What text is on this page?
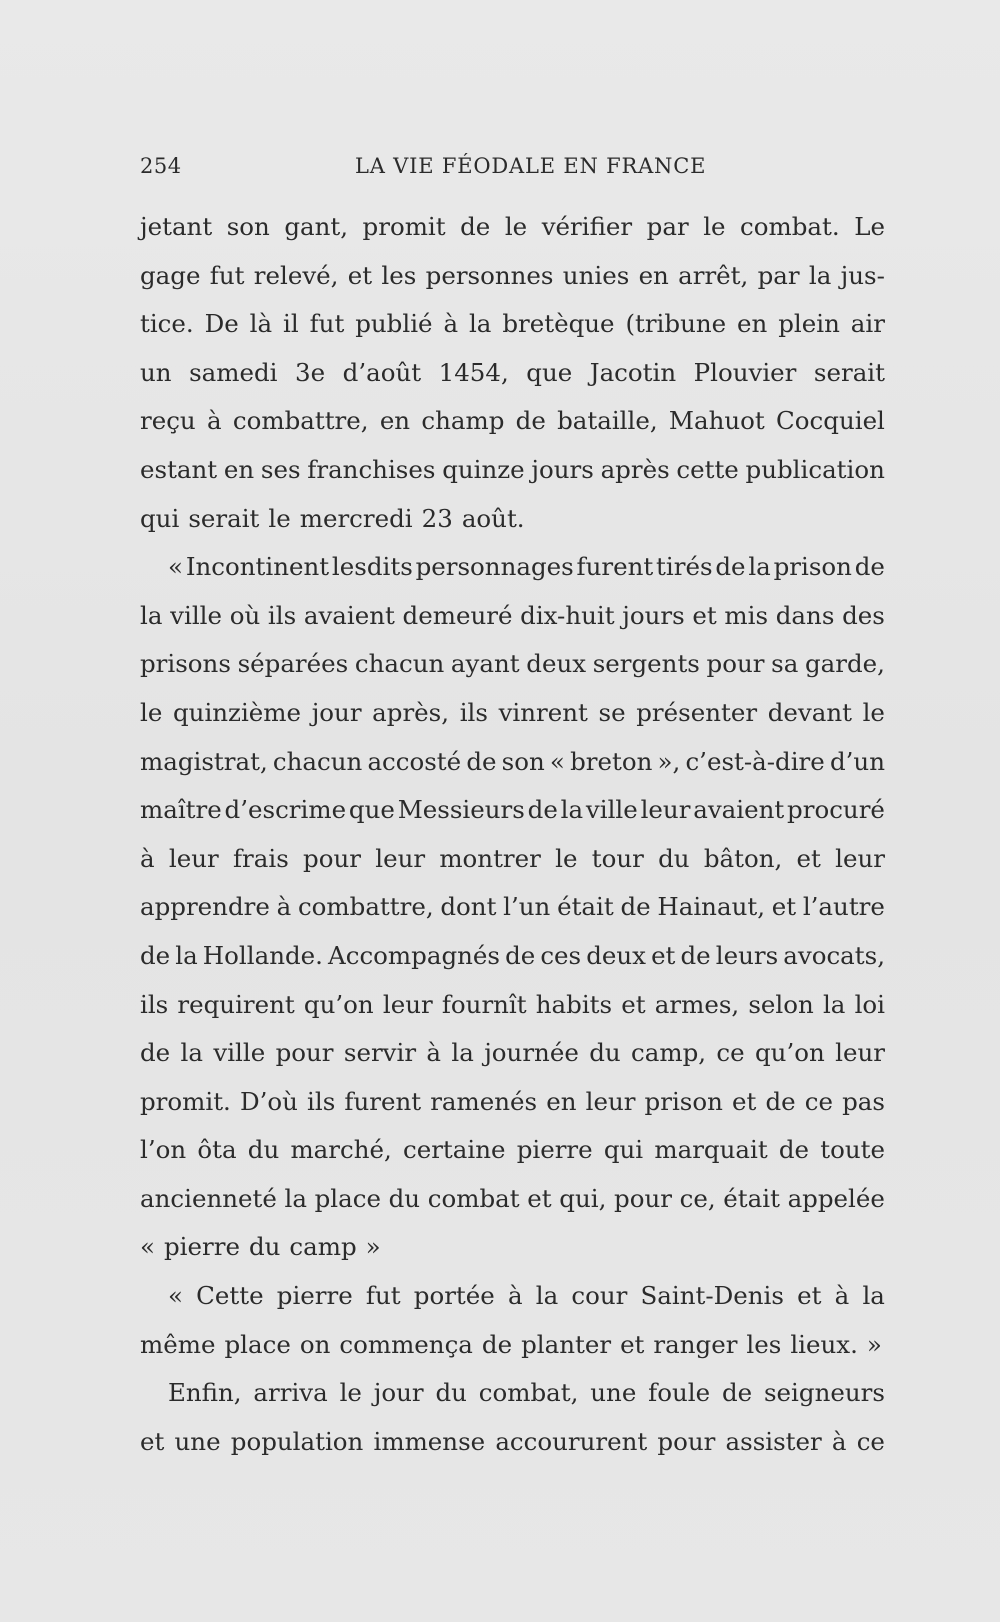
254	LA VIE FÉODALE EN FRANCE
jetant son gant, promit de le vérifier par le combat. Le
gage fut relevé, et les personnes unies en arrêt, par la jus-
tice. De là il fut publié à la bretèque (tribune en plein air
un samedi 3e d’août 1454, que Jacotin Plouvier serait
reçu à combattre, en champ de bataille, Mahuot Cocquiel
estant en ses franchises quinze jours après cette publication
qui serait le mercredi 23 août.
« Incontinent lesdits personnages furent tirés de la prison de
la ville où ils avaient demeuré dix-huit jours et mis dans des
prisons séparées chacun ayant deux sergents pour sa garde,
le quinzième jour après, ils vinrent se présenter devant le
magistrat, chacun accosté de son « breton », c’est-à-dire d’un
maître d’escrime que Messieurs de la ville leur avaient procuré
à leur frais pour leur montrer le tour du bâton, et leur
apprendre à combattre, dont l’un était de Hainaut, et l’autre
de la Hollande. Accompagnés de ces deux et de leurs avocats,
ils requirent qu’on leur fournît habits et armes, selon la loi
de la ville pour servir à la journée du camp, ce qu’on leur
promit. D’où ils furent ramenés en leur prison et de ce pas
l’on ôta du marché, certaine pierre qui marquait de toute
ancienneté la place du combat et qui, pour ce, était appelée
« pierre du camp »
« Cette pierre fut portée à la cour Saint-Denis et à la
même place on commença de planter et ranger les lieux. »
Enfin, arriva le jour du combat, une foule de seigneurs
et une population immense accoururent pour assister à ce
